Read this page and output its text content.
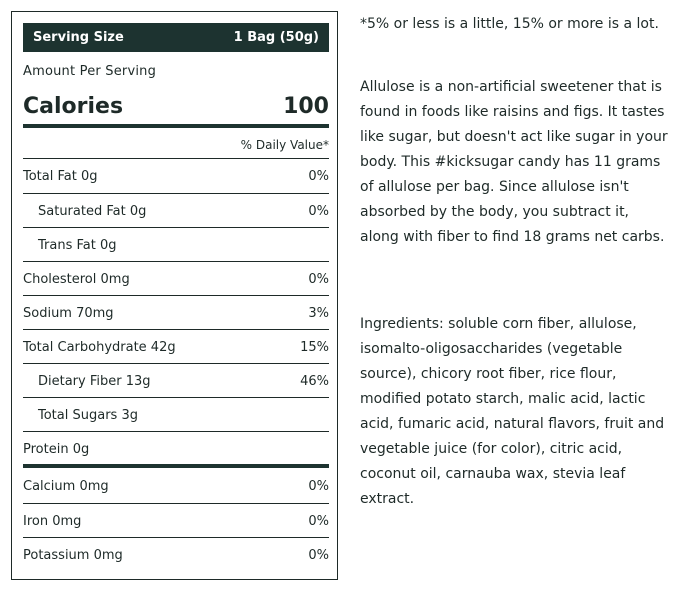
Serving Size	1 Bag (50g)
Amount Per Serving
Calories	100
% Daily Value*
Total Fat 0g	0%
Saturated Fat 0g	0%
Trans Fat 0g
Cholesterol 0mg	0%
Sodium 70mg	3%
Total Carbohydrate 42g	15%
Dietary Fiber 13g	46%
Total Sugars 3g
Protein 0g
Calcium 0mg	0%
Iron 0mg	0%
Potassium 0mg	0%
*5% or less is a little, 15% or more is a lot.
Allulose is a non-artificial sweetener that is found in foods like raisins and figs. It tastes like sugar, but doesn't act like sugar in your body. This #kicksugar candy has 11 grams of allulose per bag. Since allulose isn't absorbed by the body, you subtract it, along with fiber to find 18 grams net carbs.
Ingredients: soluble corn fiber, allulose, isomalto-oligosaccharides (vegetable source), chicory root fiber, rice flour, modified potato starch, malic acid, lactic acid, fumaric acid, natural flavors, fruit and vegetable juice (for color), citric acid, coconut oil, carnauba wax, stevia leaf extract.
